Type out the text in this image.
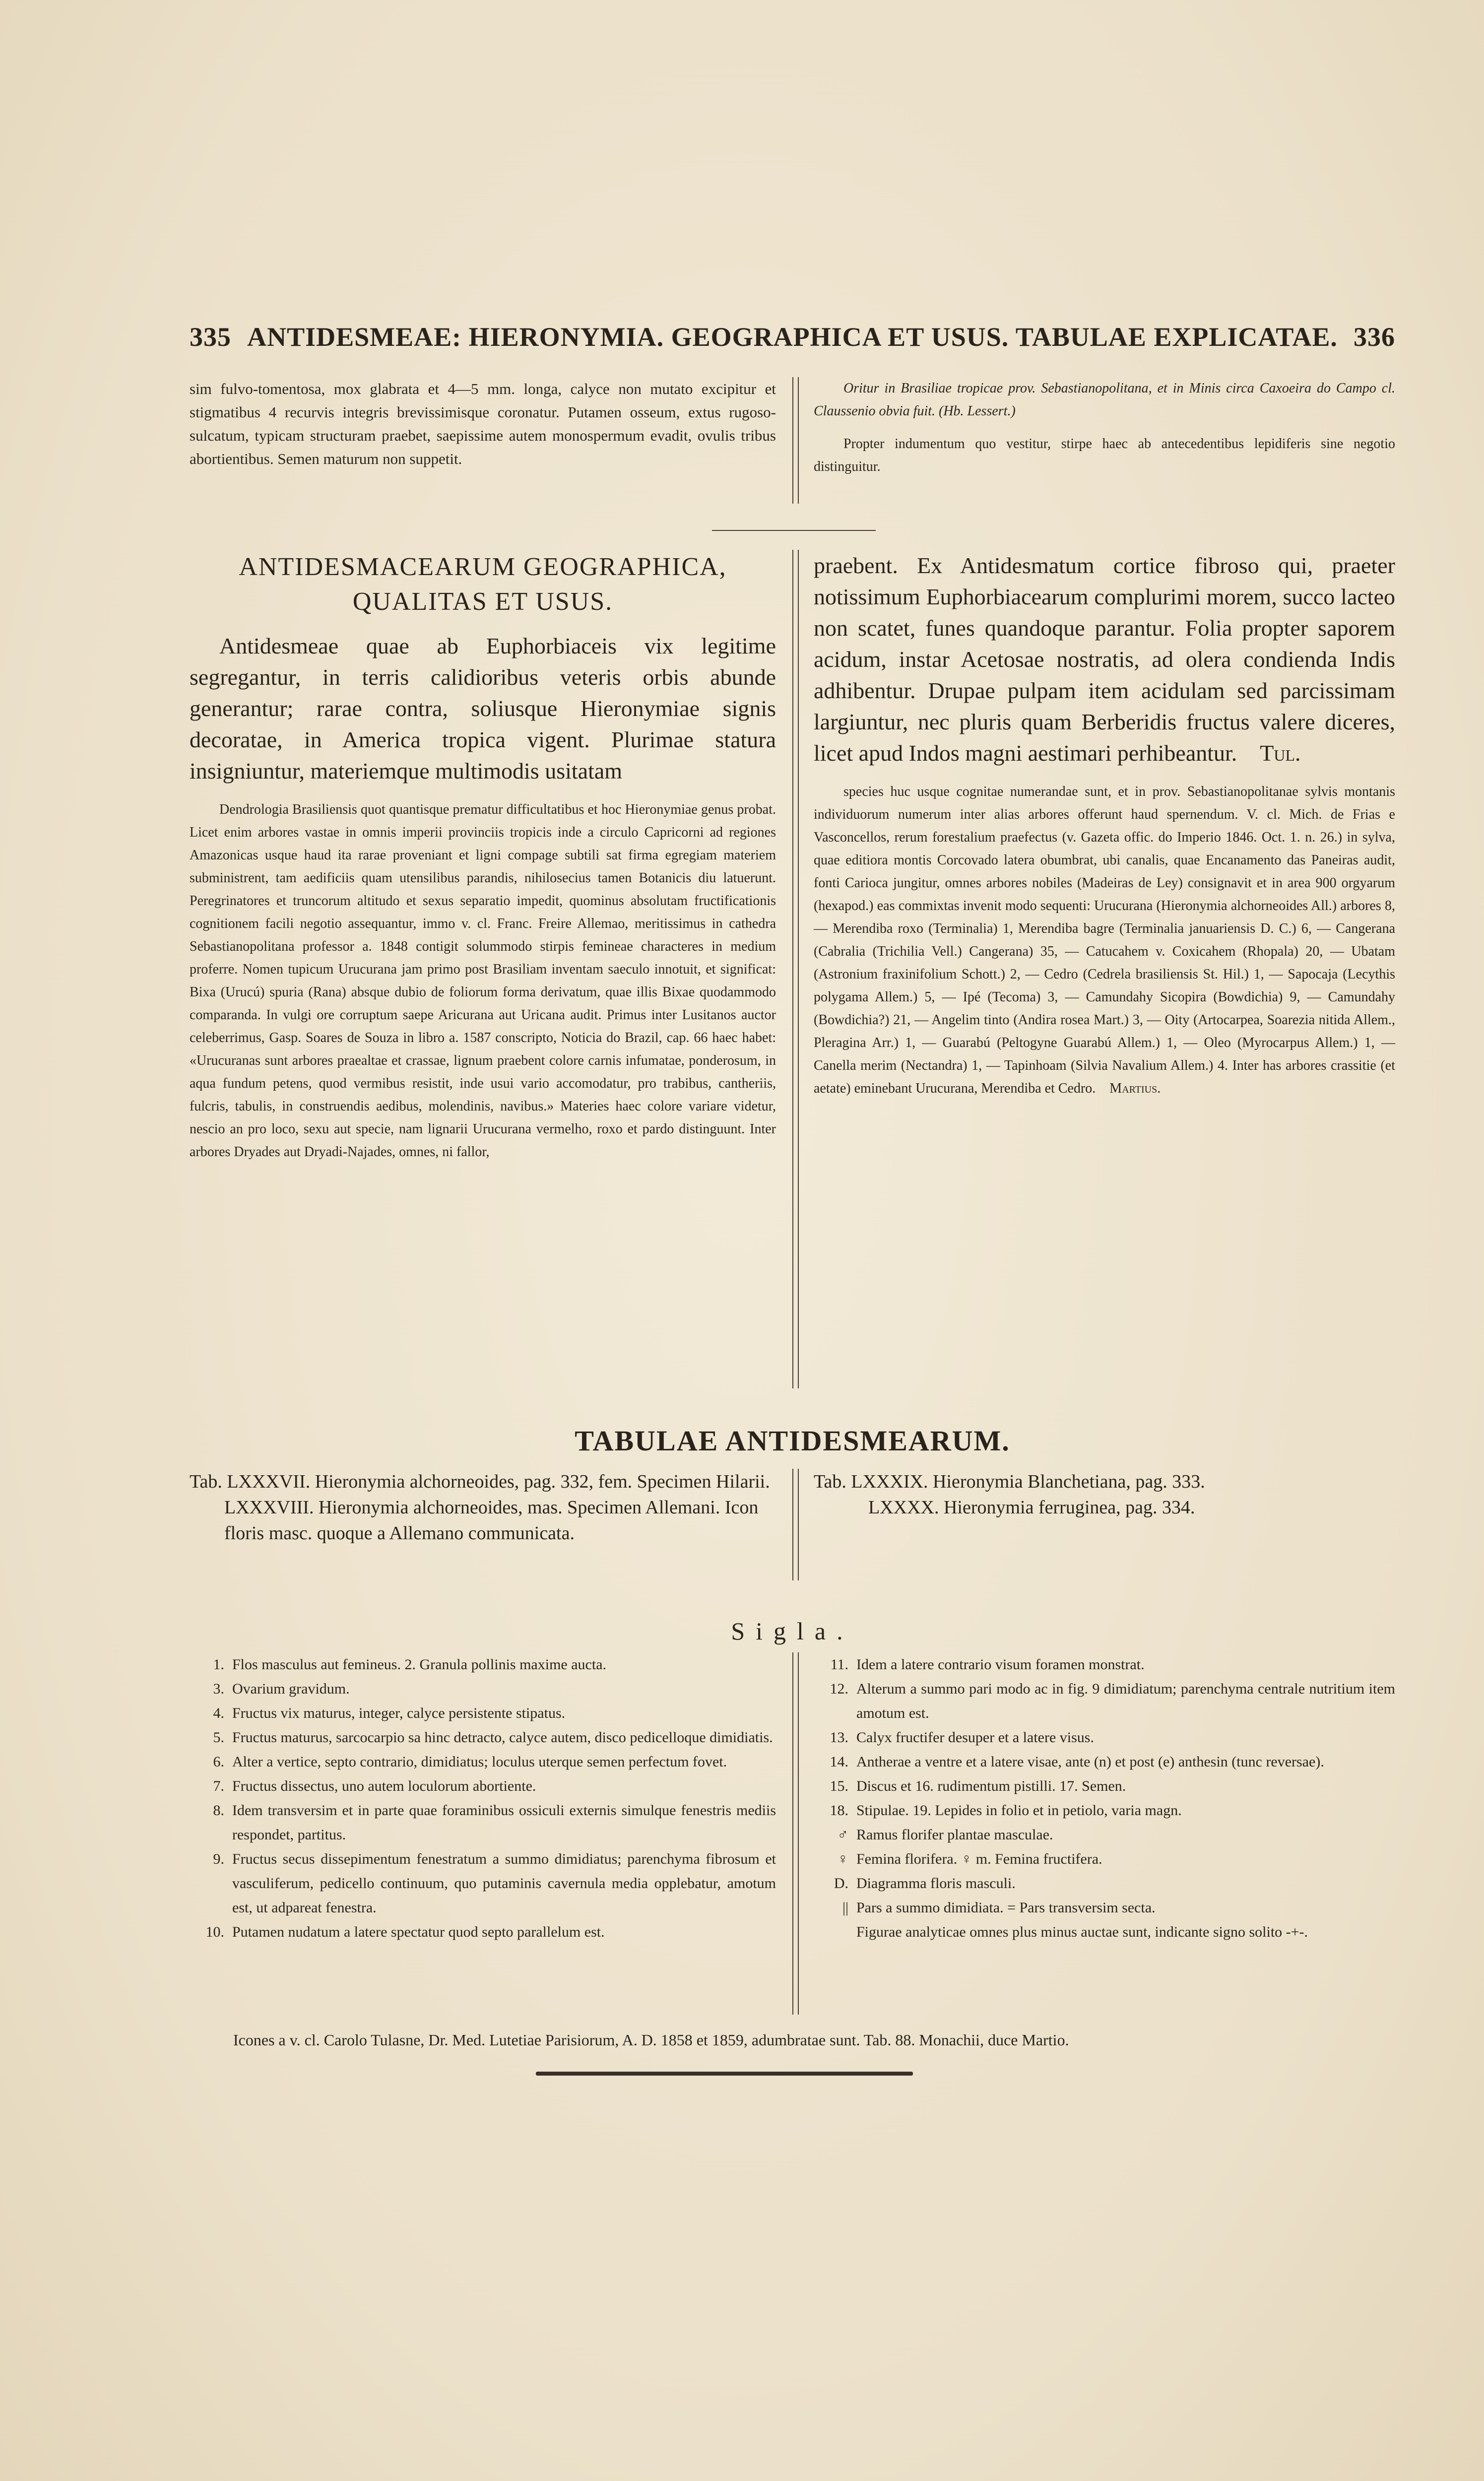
335 ANTIDESMEAE: HIERONYMIA. GEOGRAPHICA ET USUS. TABULAE EXPLICATAE. 336

sim fulvo-tomentosa, mox glabrata et 4—5 mm. longa, calyce non mutato excipitur et stigmatibus 4 recurvis integris brevissimisque coronatur. Putamen osseum, extus rugoso-sulcatum, typicam structuram praebet, saepissime autem monospermum evadit, ovulis tribus abortientibus. Semen maturum non suppetit.

Oritur in Brasiliae tropicae prov. Sebastianopolitana, et in Minis circa Caxoeira do Campo cl. Claussenio obvia fuit. (Hb. Lessert.)

Propter indumentum quo vestitur, stirpe haec ab antecedentibus lepidiferis sine negotio distinguitur.

ANTIDESMACEARUM GEOGRAPHICA, QUALITAS ET USUS.

Antidesmeae quae ab Euphorbiaceis vix legitime segregantur, in terris calidioribus veteris orbis abunde generantur; rarae contra, soliusque Hieronymiae signis decoratae, in America tropica vigent. Plurimae statura insigniuntur, materiemque multimodis usitatam

Dendrologia Brasiliensis quot quantisque prematur difficultatibus et hoc Hieronymiae genus probat. Licet enim arbores vastae in omnis imperii provinciis tropicis inde a circulo Capricorni ad regiones Amazonicas usque haud ita rarae proveniant et ligni compage subtili sat firma egregiam materiem subministrent, tam aedificiis quam utensilibus parandis, nihilosecius tamen Botanicis diu latuerunt. Peregrinatores et truncorum altitudo et sexus separatio impedit, quominus absolutam fructificationis cognitionem facili negotio assequantur, immo v. cl. Franc. Freire Allemao, meritissimus in cathedra Sebastianopolitana professor a. 1848 contigit solummodo stirpis femineae characteres in medium proferre. Nomen tupicum Urucurana jam primo post Brasiliam inventam saeculo innotuit, et significat: Bixa (Urucú) spuria (Rana) absque dubio de foliorum forma derivatum, quae illis Bixae quodammodo comparanda. In vulgi ore corruptum saepe Aricurana aut Uricana audit. Primus inter Lusitanos auctor celeberrimus, Gasp. Soares de Souza in libro a. 1587 conscripto, Noticia do Brazil, cap. 66 haec habet: «Urucuranas sunt arbores praealtae et crassae, lignum praebent colore carnis infumatae, ponderosum, in aqua fundum petens, quod vermibus resistit, inde usui vario accomodatur, pro trabibus, cantheriis, fulcris, tabulis, in construendis aedibus, molendinis, navibus.» Materies haec colore variare videtur, nescio an pro loco, sexu aut specie, nam lignarii Urucurana vermelho, roxo et pardo distinguunt. Inter arbores Dryades aut Dryadi-Najades, omnes, ni fallor,

praebent. Ex Antidesmatum cortice fibroso qui, praeter notissimum Euphorbiacearum complurimi morem, succo lacteo non scatet, funes quandoque parantur. Folia propter saporem acidum, instar Acetosae nostratis, ad olera condienda Indis adhibentur. Drupae pulpam item acidulam sed parcissimam largiuntur, nec pluris quam Berberidis fructus valere diceres, licet apud Indos magni aestimari perhibeantur. Tul.

species huc usque cognitae numerandae sunt, et in prov. Sebastianopolitanae sylvis montanis individuorum numerum inter alias arbores offerunt haud spernendum. V. cl. Mich. de Frias e Vasconcellos, rerum forestalium praefectus (v. Gazeta offic. do Imperio 1846. Oct. 1. n. 26.) in sylva, quae editiora montis Corcovado latera obumbrat, ubi canalis, quae Encanamento das Paneiras audit, fonti Carioca jungitur, omnes arbores nobiles (Madeiras de Ley) consignavit et in area 900 orgyarum (hexapod.) eas commixtas invenit modo sequenti: Urucurana (Hieronymia alchorneoides All.) arbores 8, — Merendiba roxo (Terminalia) 1, Merendiba bagre (Terminalia januariensis D. C.) 6, — Cangerana (Cabralia (Trichilia Vell.) Cangerana) 35, — Catucahem v. Coxicahem (Rhopala) 20, — Ubatam (Astronium fraxinifolium Schott.) 2, — Cedro (Cedrela brasiliensis St. Hil.) 1, — Sapocaja (Lecythis polygama Allem.) 5, — Ipé (Tecoma) 3, — Camundahy Sicopira (Bowdichia) 9, — Camundahy (Bowdichia?) 21, — Angelim tinto (Andira rosea Mart.) 3, — Oity (Artocarpea, Soarezia nitida Allem., Pleragina Arr.) 1, — Guarabú (Peltogyne Guarabú Allem.) 1, — Oleo (Myrocarpus Allem.) 1, — Canella merim (Nectandra) 1, — Tapinhoam (Silvia Navalium Allem.) 4. Inter has arbores crassitie (et aetate) eminebant Urucurana, Merendiba et Cedro. Martius.

TABULAE ANTIDESMEARUM.

Tab. LXXXVII. Hieronymia alchorneoides, pag. 332, fem. Specimen Hilarii.

LXXXVIII. Hieronymia alchorneoides, mas. Specimen Allemani. Icon floris masc. quoque a Allemano communicata.

Tab. LXXXIX. Hieronymia Blanchetiana, pag. 333.

LXXXX. Hieronymia ferruginea, pag. 334.

Sigla.

1. Flos masculus aut femineus. 2. Granula pollinis maxime aucta.

3. Ovarium gravidum.

4. Fructus vix maturus, integer, calyce persistente stipatus.

5. Fructus maturus, sarcocarpio sa hinc detracto, calyce autem, disco pedicelloque dimidiatis.

6. Alter a vertice, septo contrario, dimidiatus; loculus uterque semen perfectum fovet.

7. Fructus dissectus, uno autem loculorum abortiente.

8. Idem transversim et in parte quae foraminibus ossiculi externis simulque fenestris mediis respondet, partitus.

9. Fructus secus dissepimentum fenestratum a summo dimidiatus; parenchyma fibrosum et vasculiferum, pedicello continuum, quo putaminis cavernula media opplebatur, amotum est, ut adpareat fenestra.

10. Putamen nudatum a latere spectatur quod septo parallelum est.

11. Idem a latere contrario visum foramen monstrat.

12. Alterum a summo pari modo ac in fig. 9 dimidiatum; parenchyma centrale nutritium item amotum est.

13. Calyx fructifer desuper et a latere visus.

14. Antherae a ventre et a latere visae, ante (n) et post (e) anthesin (tunc reversae).

15. Discus et 16. rudimentum pistilli. 17. Semen.

18. Stipulae. 19. Lepides in folio et in petiolo, varia magn.

♂ Ramus florifer plantae masculae.

♀ Femina florifera. ♀ m. Femina fructifera.

D. Diagramma floris masculi.

|| Pars a summo dimidiata. = Pars transversim secta.

Figurae analyticae omnes plus minus auctae sunt, indicante signo solito -+-.

Icones a v. cl. Carolo Tulasne, Dr. Med. Lutetiae Parisiorum, A. D. 1858 et 1859, adumbratae sunt. Tab. 88. Monachii, duce Martio.
